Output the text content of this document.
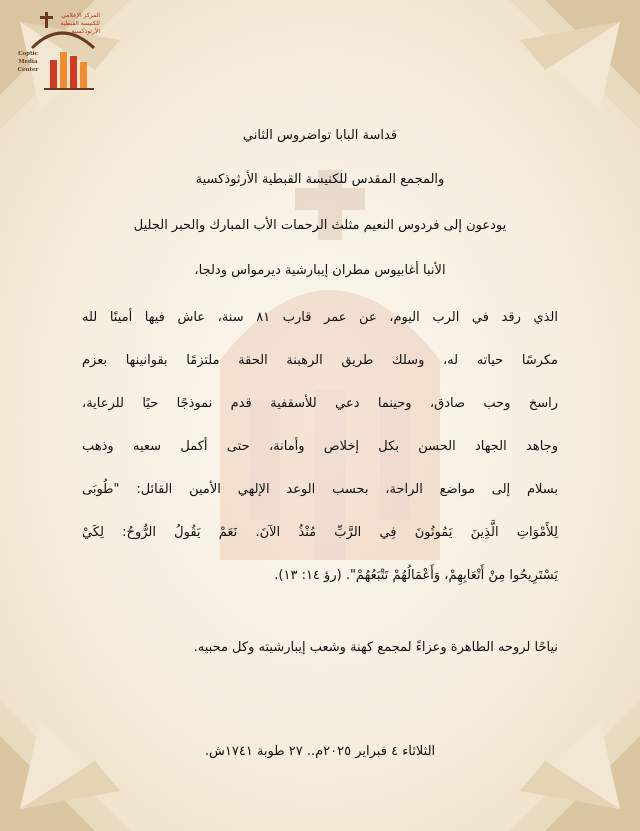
المركز الإعلامي للكنيسة القبطية الأرثوذكسية
Coptic
Media
Center
قداسة البابا تواضروس الثاني
والمجمع المقدس للكنيسة القبطية الأرثوذكسية
يودعون إلى فردوس النعيم مثلث الرحمات الأب المبارك والحبر الجليل
الأنبا أغابيوس مطران إيبارشية ديرمواس ودلجا،
الذي رقد في الرب اليوم، عن عمر قارب ٨١ سنة، عاش فيها أمينًا لله
مكرسًا حياته له، وسلك طريق الرهبنة الحقة ملتزمًا بقوانينها بعزم
راسخ وحب صادق، وحينما دعي للأسقفية قدم نموذجًا حيًا للرعاية،
وجاهد الجهاد الحسن بكل إخلاص وأمانة، حتى أكمل سعيه وذهب
بسلام إلى مواضع الراحة، بحسب الوعد الإلهي الأمين القائل: "طُوبَى
لِلأَمْوَاتِ الَّذِينَ يَمُوتُونَ فِي الرَّبِّ مُنْذُ الآنَ. نَعَمْ يَقُولُ الرُّوحُ: لِكَيْ
يَسْتَرِيحُوا مِنْ أَتْعَابِهِمْ، وَأَعْمَالُهُمْ تَتْبَعُهُمْ". (رؤ ١٤: ١٣).
نياحًا لروحه الطاهرة وعزاءً لمجمع كهنة وشعب إيبارشيته وكل محبيه.
الثلاثاء ٤ فبراير ٢٠٢٥م.. ٢٧ طوبة ١٧٤١ش.
